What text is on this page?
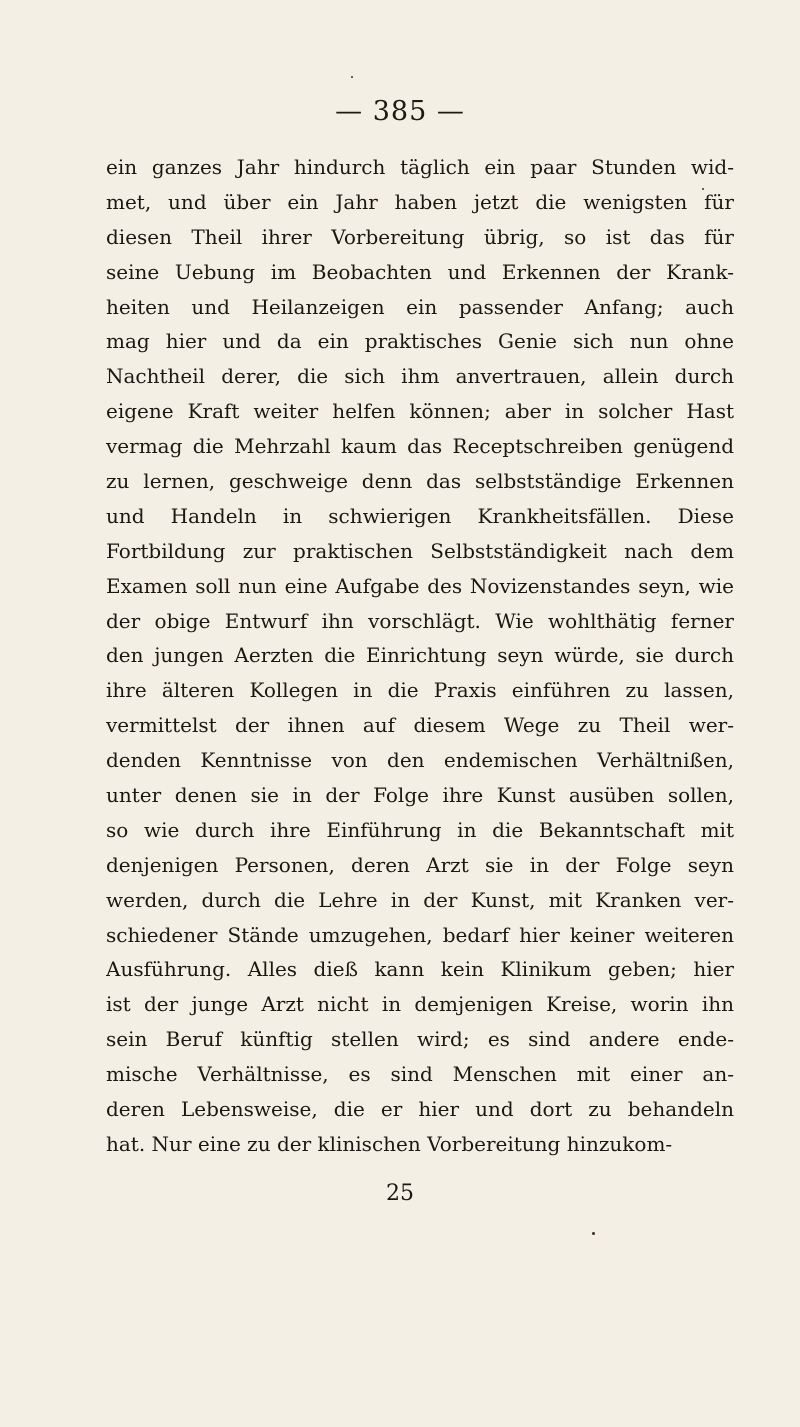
— 385 —
ein ganzes Jahr hindurch täglich ein paar Stunden wid-
met, und über ein Jahr haben jetzt die wenigsten für
diesen Theil ihrer Vorbereitung übrig, so ist das für
seine Uebung im Beobachten und Erkennen der Krank-
heiten und Heilanzeigen ein passender Anfang; auch
mag hier und da ein praktisches Genie sich nun ohne
Nachtheil derer, die sich ihm anvertrauen, allein durch
eigene Kraft weiter helfen können; aber in solcher Hast
vermag die Mehrzahl kaum das Receptschreiben genügend
zu lernen, geschweige denn das selbstständige Erkennen
und Handeln in schwierigen Krankheitsfällen. Diese
Fortbildung zur praktischen Selbstständigkeit nach dem
Examen soll nun eine Aufgabe des Novizenstandes seyn, wie
der obige Entwurf ihn vorschlägt. Wie wohlthätig ferner
den jungen Aerzten die Einrichtung seyn würde, sie durch
ihre älteren Kollegen in die Praxis einführen zu lassen,
vermittelst der ihnen auf diesem Wege zu Theil wer-
denden Kenntnisse von den endemischen Verhältnißen,
unter denen sie in der Folge ihre Kunst ausüben sollen,
so wie durch ihre Einführung in die Bekanntschaft mit
denjenigen Personen, deren Arzt sie in der Folge seyn
werden, durch die Lehre in der Kunst, mit Kranken ver-
schiedener Stände umzugehen, bedarf hier keiner weiteren
Ausführung. Alles dieß kann kein Klinikum geben; hier
ist der junge Arzt nicht in demjenigen Kreise, worin ihn
sein Beruf künftig stellen wird; es sind andere ende-
mische Verhältnisse, es sind Menschen mit einer an-
deren Lebensweise, die er hier und dort zu behandeln
hat. Nur eine zu der klinischen Vorbereitung hinzukom-
25
